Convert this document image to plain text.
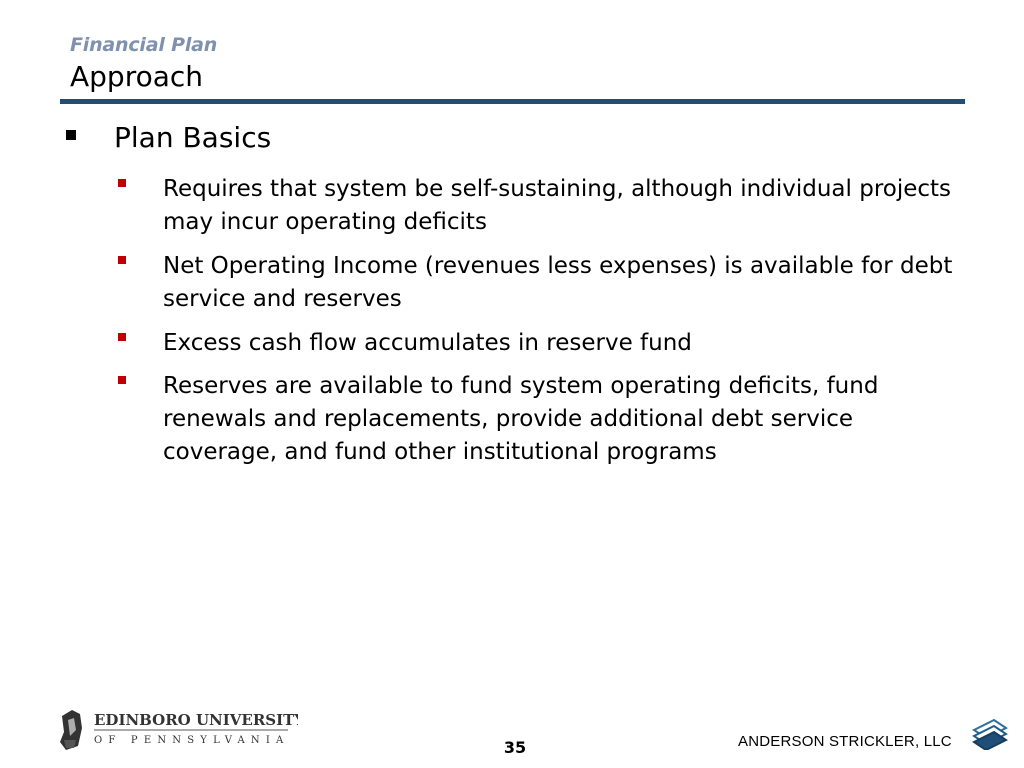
Financial Plan
Approach
Plan Basics
Requires that system be self-sustaining, although individual projects may incur operating deficits
Net Operating Income (revenues less expenses) is available for debt service and reserves
Excess cash flow accumulates in reserve fund
Reserves are available to fund system operating deficits, fund renewals and replacements, provide additional debt service coverage, and fund other institutional programs
EDINBORO UNIVERSITY
OF PENNSYLVANIA	35	ANDERSON STRICKLER, LLC
